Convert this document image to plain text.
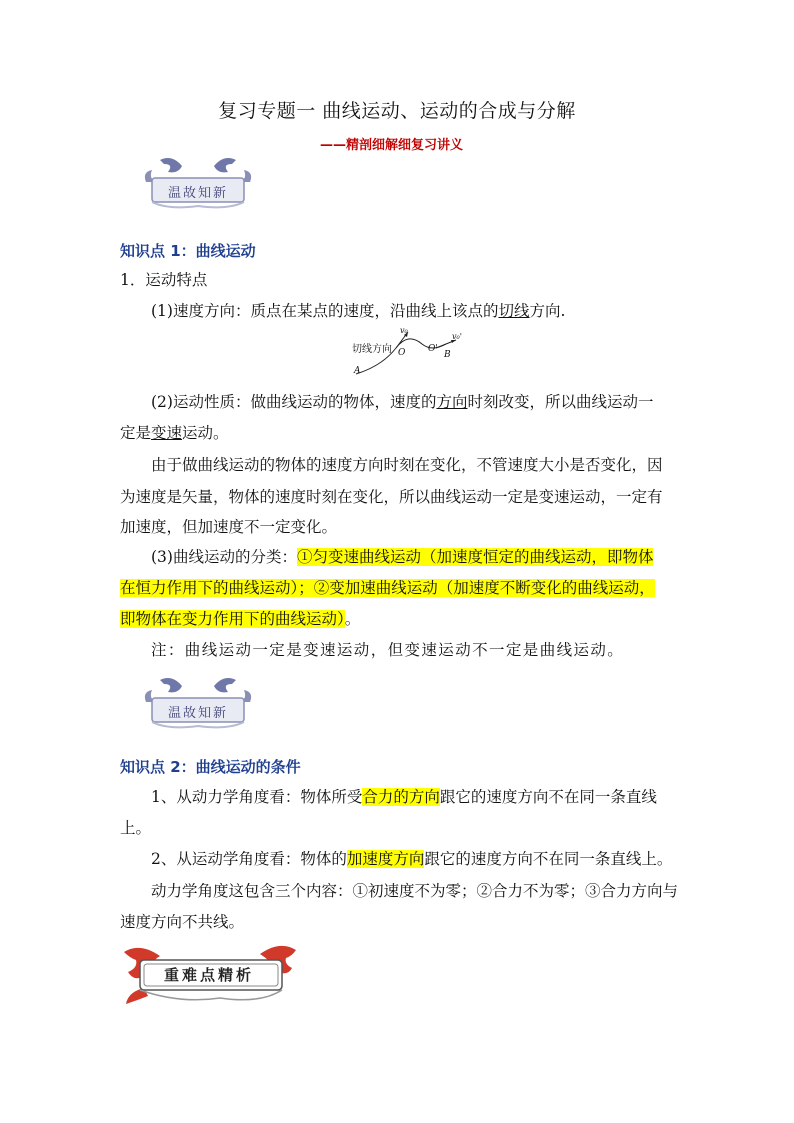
复习专题一 曲线运动、运动的合成与分解
——精剖细解细复习讲义
温故知新
知识点 1：曲线运动
1．运动特点
(1)速度方向：质点在某点的速度，沿曲线上该点的切线方向.
切线方向
A
O	O'
B
v₀
v₀'
(2)运动性质：做曲线运动的物体，速度的方向时刻改变，所以曲线运动一
定是变速运动。
由于做曲线运动的物体的速度方向时刻在变化，不管速度大小是否变化，因
为速度是矢量，物体的速度时刻在变化，所以曲线运动一定是变速运动，一定有
加速度，但加速度不一定变化。
(3)曲线运动的分类：①匀变速曲线运动（加速度恒定的曲线运动，即物体
在恒力作用下的曲线运动）；②变加速曲线运动（加速度不断变化的曲线运动，
即物体在变力作用下的曲线运动）。
注：曲线运动一定是变速运动，但变速运动不一定是曲线运动。
温故知新
知识点 2：曲线运动的条件
1、从动力学角度看：物体所受合力的方向跟它的速度方向不在同一条直线
上。
2、从运动学角度看：物体的加速度方向跟它的速度方向不在同一条直线上。
动力学角度这包含三个内容：①初速度不为零；②合力不为零；③合力方向与
速度方向不共线。
重难点精析
